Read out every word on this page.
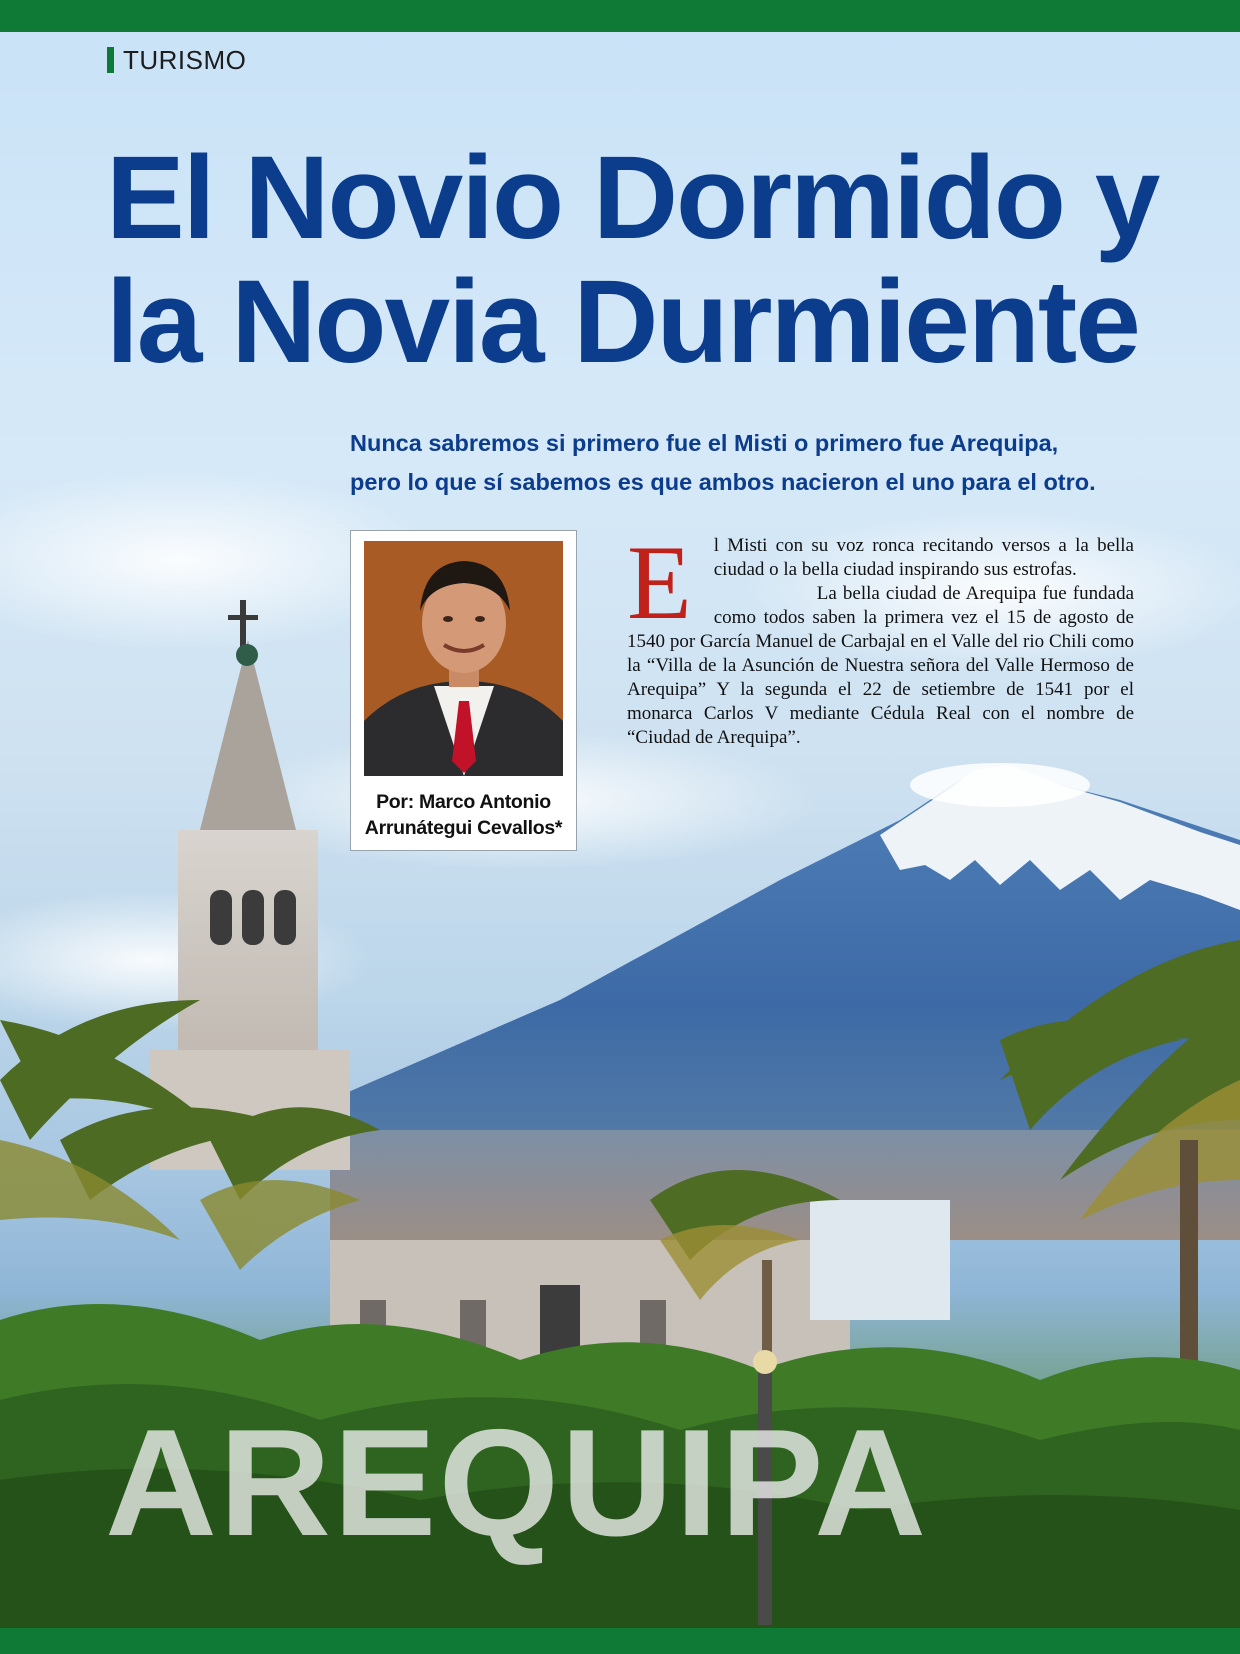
TURISMO
El Novio Dormido y
la Novia Durmiente

Nunca sabremos si primero fue el Misti o primero fue Arequipa,
pero lo que sí sabemos es que ambos nacieron el uno para el otro.

Por: Marco Antonio
Arrunátegui Cevallos*
E	l Misti con su voz ronca recitando versos a la bella ciudad o la bella ciudad inspirando sus estrofas.

La bella ciudad de Arequipa fue fundada como todos saben la primera vez el 15 de agosto de 1540 por García Manuel de Carbajal en el Valle del rio Chili como la “Villa de la Asunción de Nuestra señora del Valle Hermoso de Arequipa” Y la segunda el 22 de setiembre de 1541 por el monarca Carlos V mediante Cédula Real con el nombre de “Ciudad de Arequipa”.

AREQUIPA
